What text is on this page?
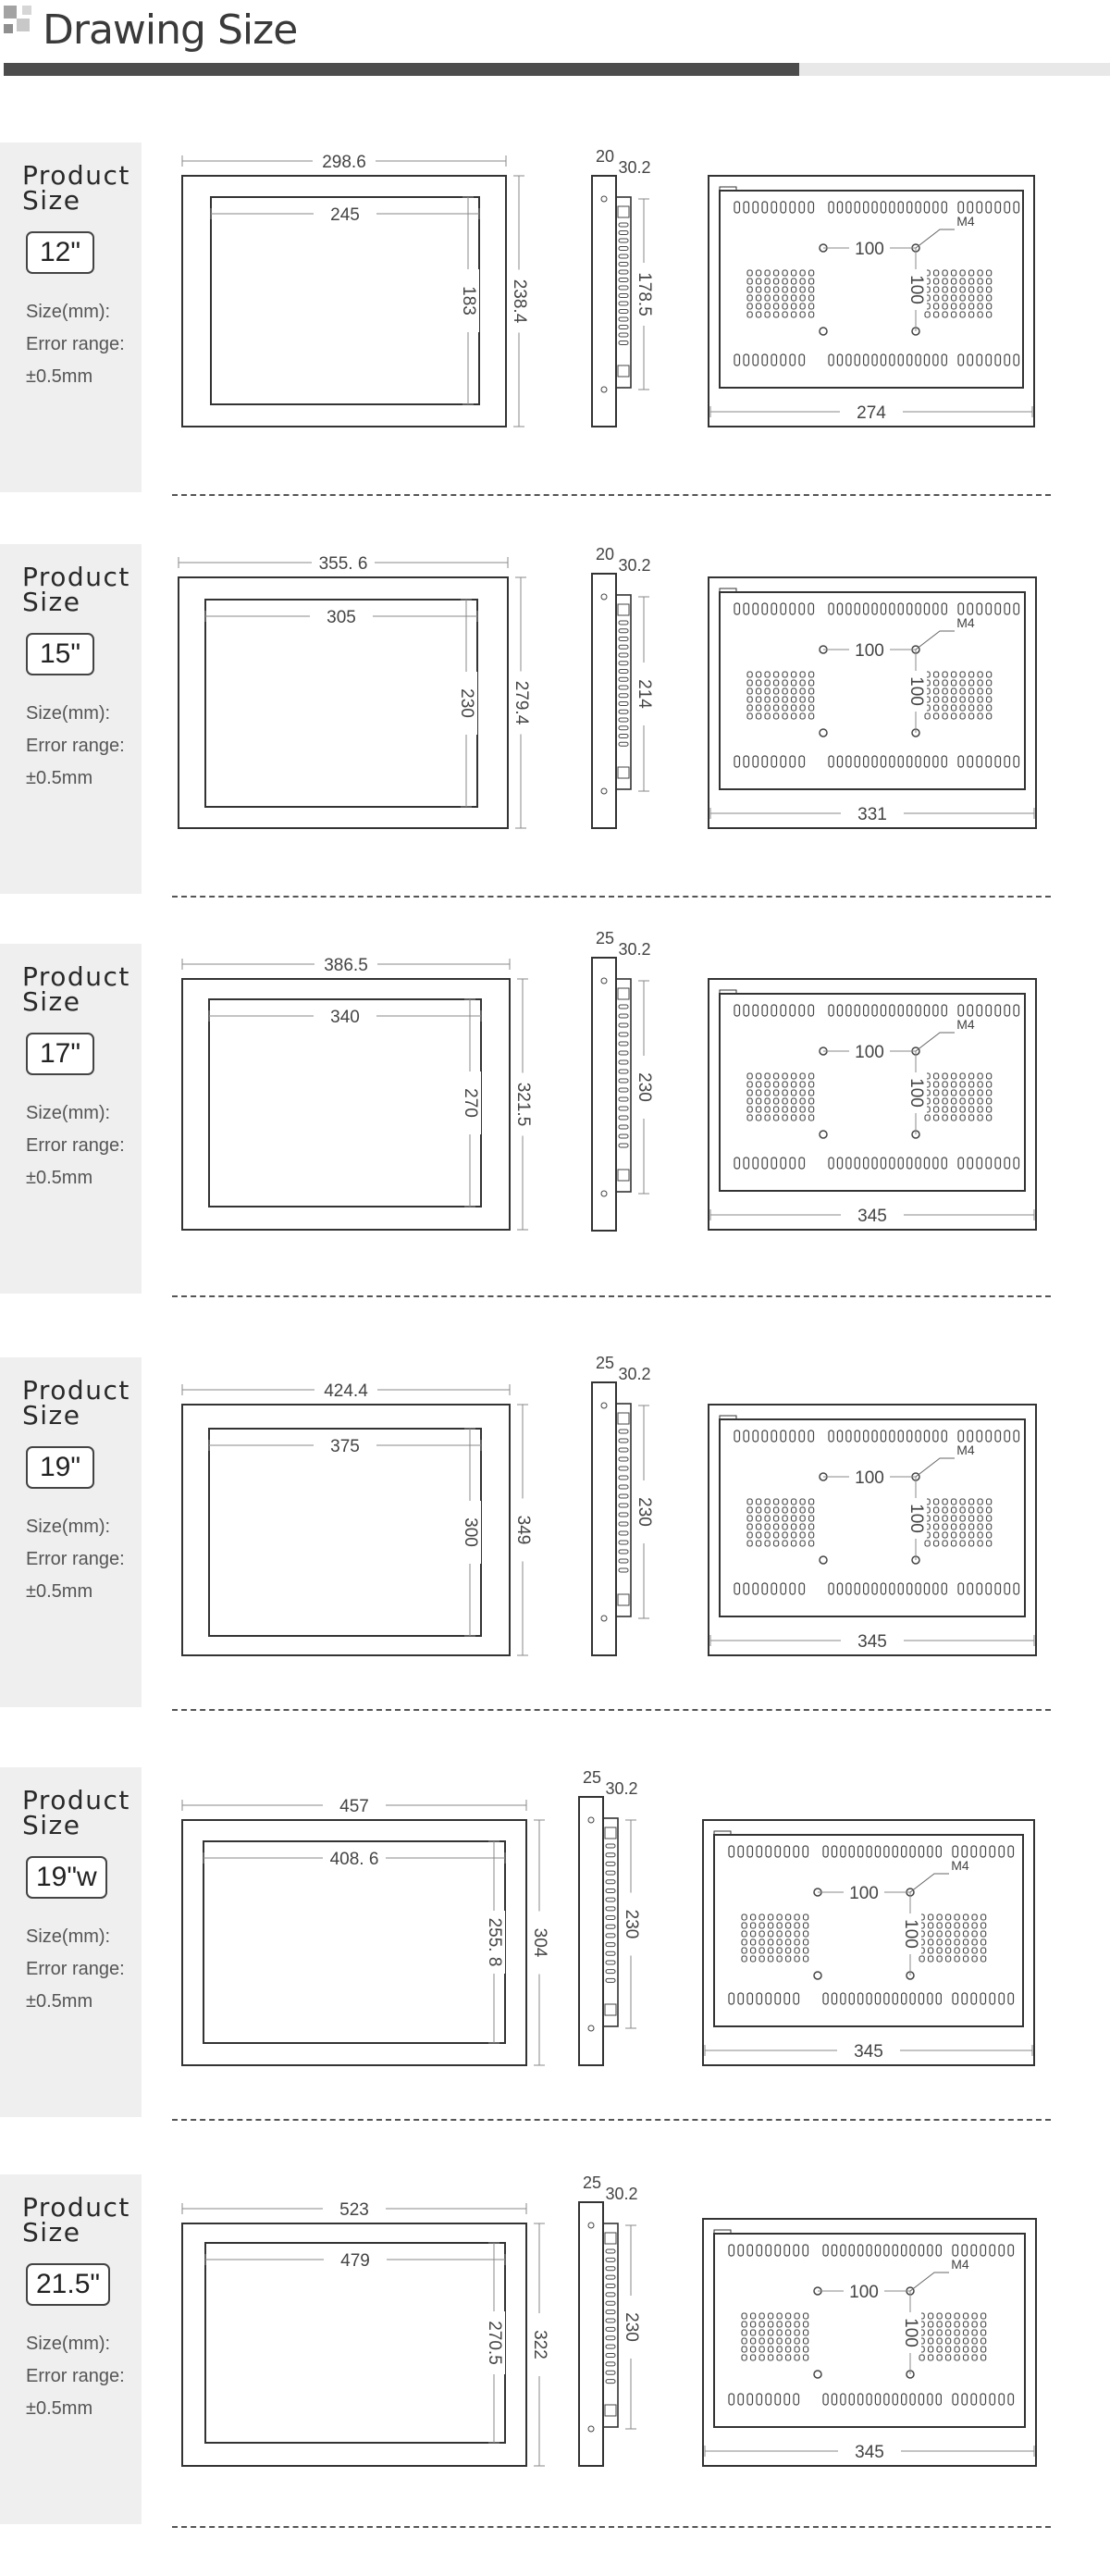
Drawing Size
Product
Size
12"
Size(mm):
Error range:
±0.5mm
Product
Size
15"
Size(mm):
Error range:
±0.5mm
Product
Size
17"
Size(mm):
Error range:
±0.5mm
Product
Size
19"
Size(mm):
Error range:
±0.5mm
Product
Size
19"w
Size(mm):
Error range:
±0.5mm
Product
Size
21.5"
Size(mm):
Error range:
±0.5mm
298.6
245
183 238.4
20
30.2
178.5
100
100
M4
274
355. 6
305
230 279.4
20
30.2
214
100
100
M4
331
386.5
340
270 321.5
25
30.2
230
100
100
M4
345
424.4
375
300 349
25
30.2
230
100
100
M4
345
457
408. 6
255. 8 304
25
30.2
230
100
100
M4
345
523
479
270.5 322
25
30.2
230
100
100
M4
345
